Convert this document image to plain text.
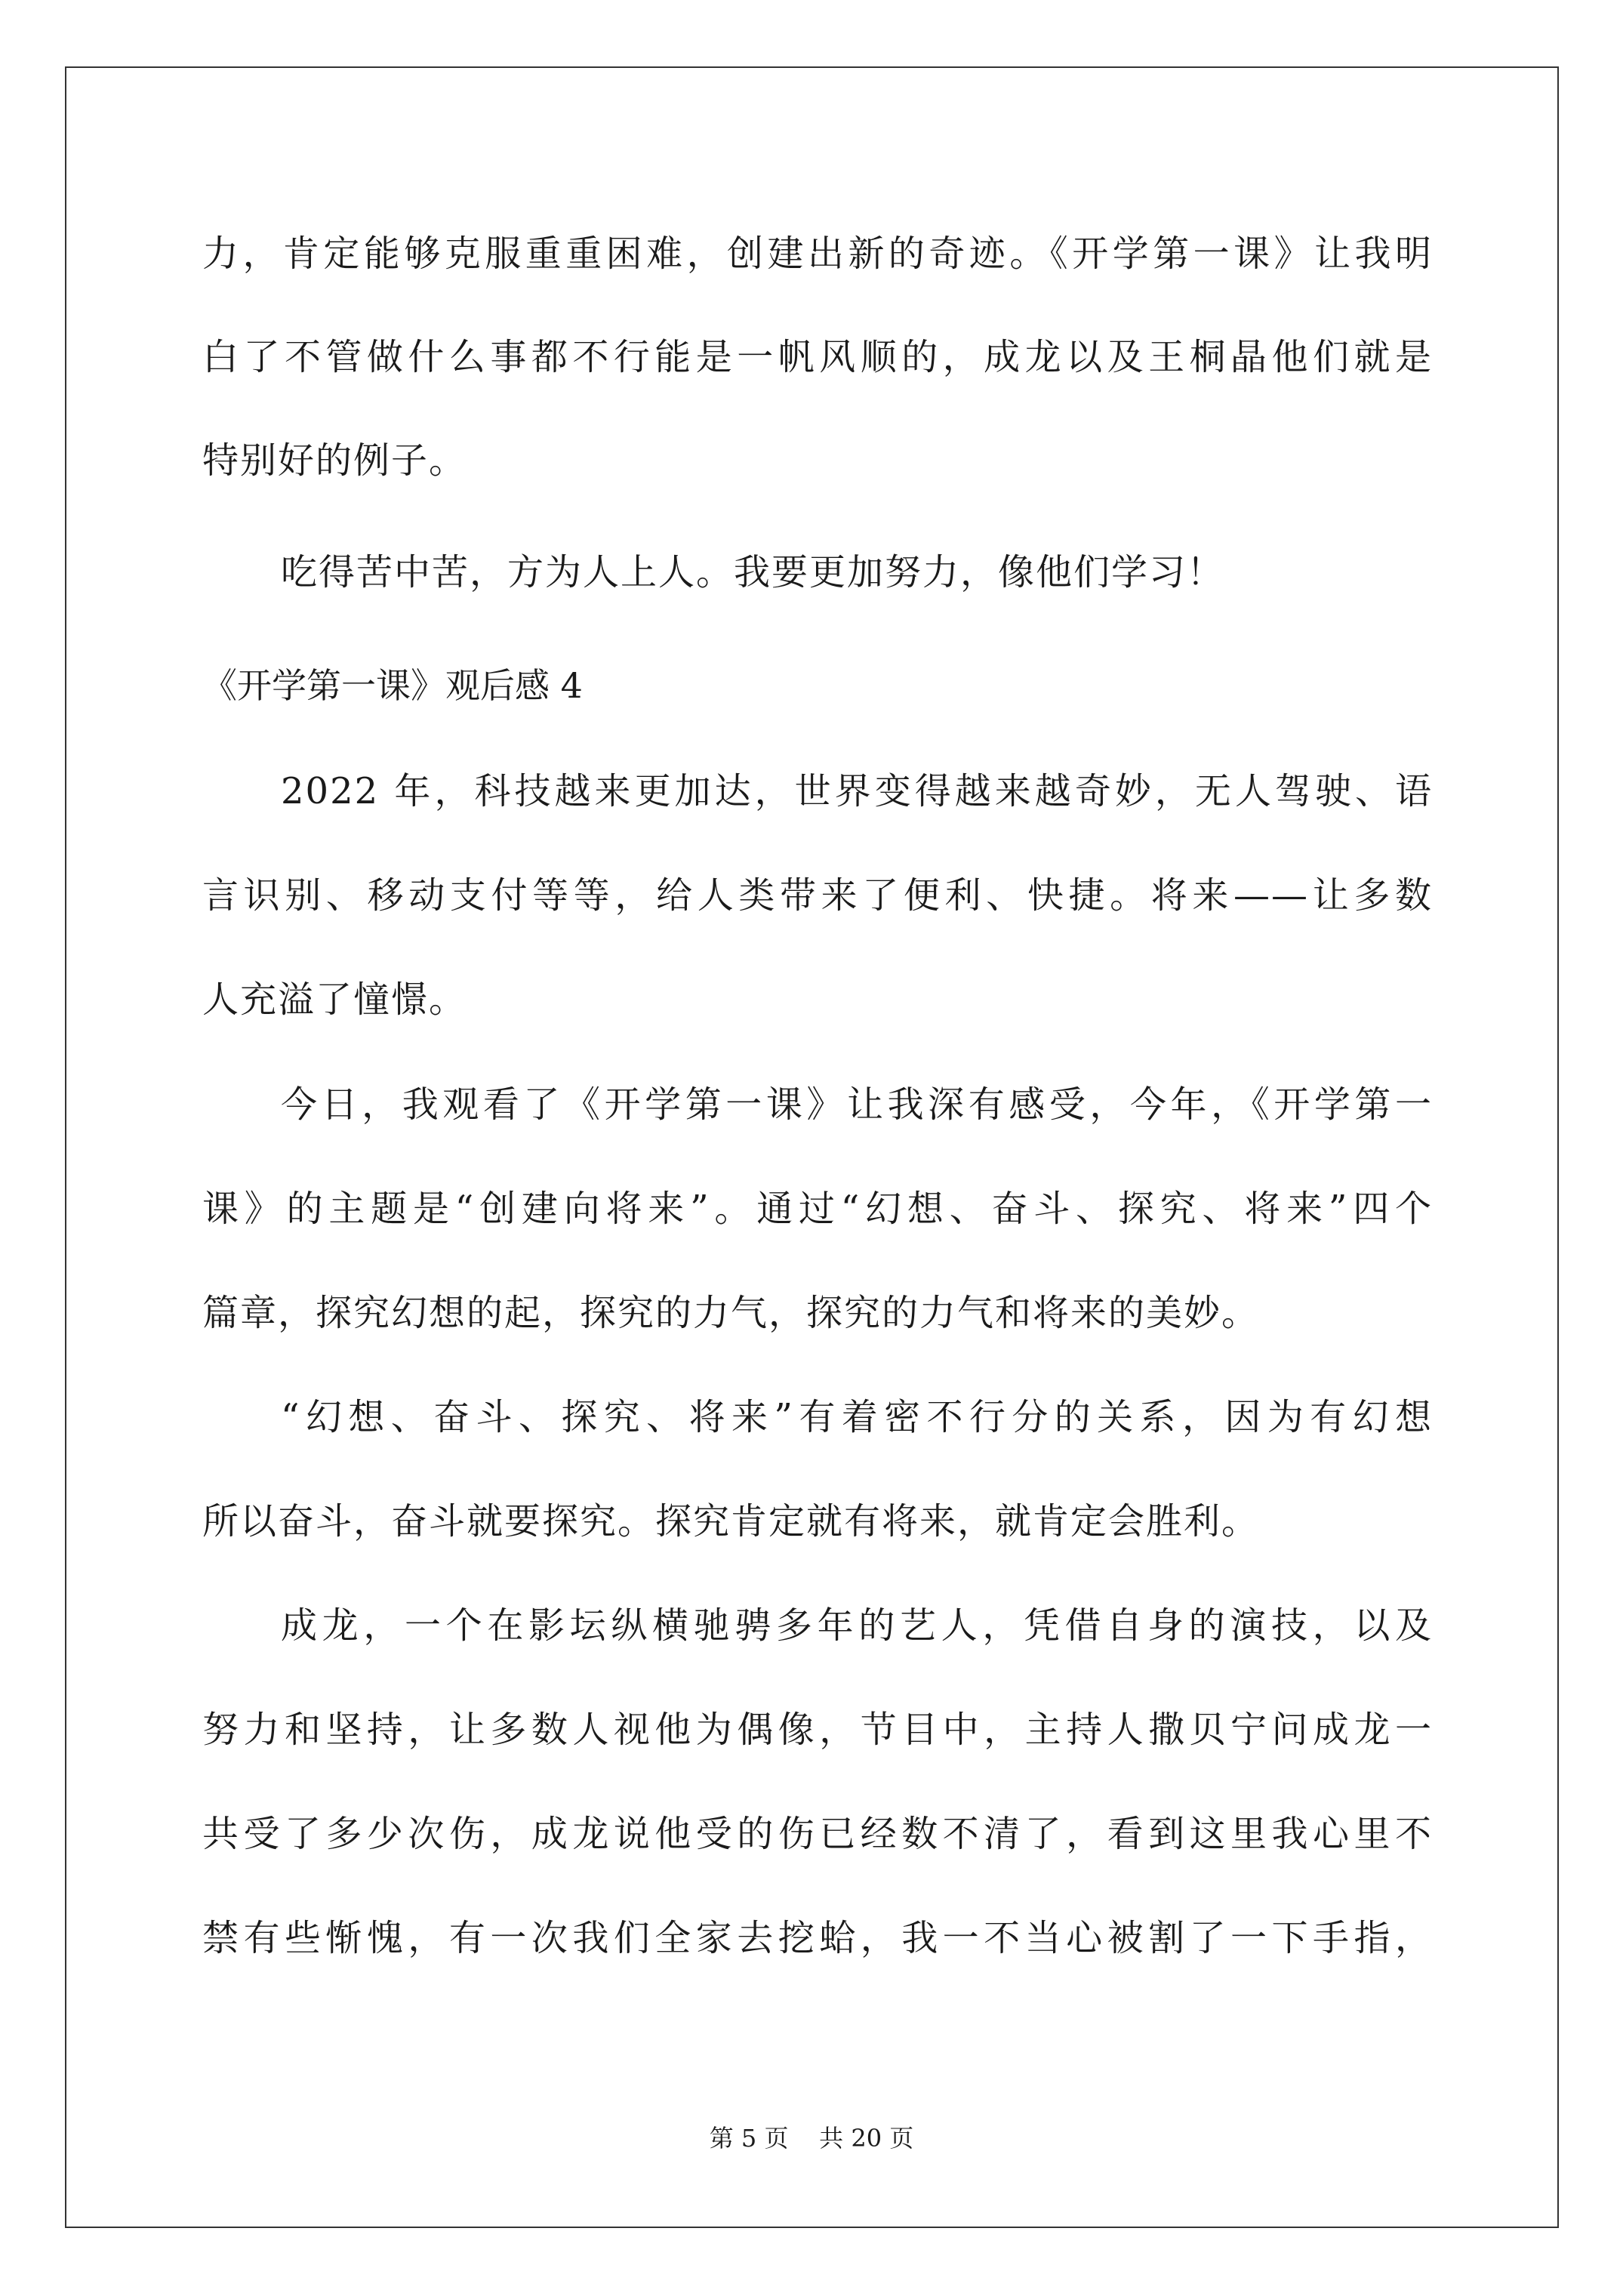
力，肯定能够克服重重困难，创建出新的奇迹。《开学第一课》让我明
白了不管做什么事都不行能是一帆风顺的，成龙以及王桐晶他们就是
特别好的例子。
吃得苦中苦，方为人上人。我要更加努力，像他们学习！
《开学第一课》观后感 4
2022 年，科技越来更加达，世界变得越来越奇妙，无人驾驶、语
言识别、移动支付等等，给人类带来了便利、快捷。将来——让多数
人充溢了憧憬。
今日，我观看了《开学第一课》让我深有感受，今年，《开学第一
课》的主题是“创建向将来”。通过“幻想、奋斗、探究、将来”四个
篇章，探究幻想的起，探究的力气，探究的力气和将来的美妙。
“幻想、奋斗、探究、将来”有着密不行分的关系，因为有幻想
所以奋斗，奋斗就要探究。探究肯定就有将来，就肯定会胜利。
成龙，一个在影坛纵横驰骋多年的艺人，凭借自身的演技，以及
努力和坚持，让多数人视他为偶像，节目中，主持人撒贝宁问成龙一
共受了多少次伤，成龙说他受的伤已经数不清了，看到这里我心里不
禁有些惭愧，有一次我们全家去挖蛤，我一不当心被割了一下手指，
第 5 页 共 20 页
